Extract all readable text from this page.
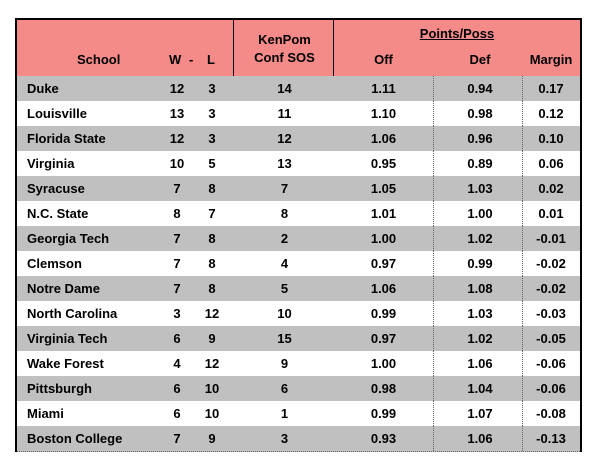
School	W - L
KenPom
Conf SOS
Points/Poss
Off	Def	Margin
Duke	12	3	14	1.11	0.94	0.17
Louisville	13	3	11	1.10	0.98	0.12
Florida State	12	3	12	1.06	0.96	0.10
Virginia	10	5	13	0.95	0.89	0.06
Syracuse	7	8	7	1.05	1.03	0.02
N.C. State	8	7	8	1.01	1.00	0.01
Georgia Tech	7	8	2	1.00	1.02	-0.01
Clemson	7	8	4	0.97	0.99	-0.02
Notre Dame	7	8	5	1.06	1.08	-0.02
North Carolina	3	12	10	0.99	1.03	-0.03
Virginia Tech	6	9	15	0.97	1.02	-0.05
Wake Forest	4	12	9	1.00	1.06	-0.06
Pittsburgh	6	10	6	0.98	1.04	-0.06
Miami	6	10	1	0.99	1.07	-0.08
Boston College	7	9	3	0.93	1.06	-0.13
